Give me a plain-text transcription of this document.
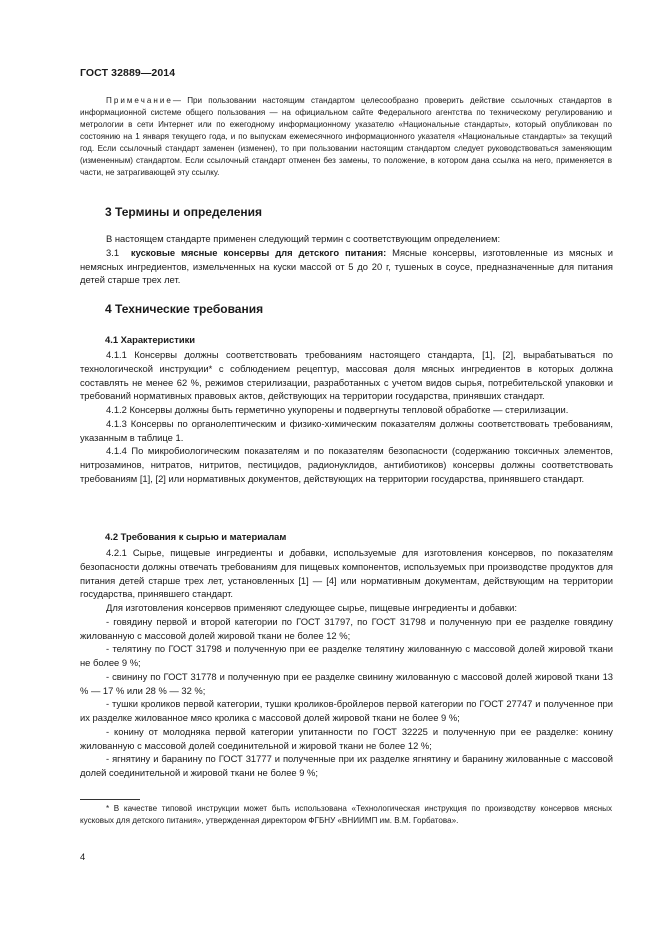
ГОСТ 32889—2014

Примечание— При пользовании настоящим стандартом целесообразно проверить действие ссылочных стандартов в информационной системе общего пользования — на официальном сайте Федерального агентства по техническому регулированию и метрологии в сети Интернет или по ежегодному информационному указателю «Национальные стандарты», который опубликован по состоянию на 1 января текущего года, и по выпускам ежемесячного информационного указателя «Национальные стандарты» за текущий год. Если ссылочный стандарт заменен (изменен), то при пользовании настоящим стандартом следует руководствоваться заменяющим (измененным) стандартом. Если ссылочный стандарт отменен без замены, то положение, в котором дана ссылка на него, применяется в части, не затрагивающей эту ссылку.

3 Термины и определения

В настоящем стандарте применен следующий термин с соответствующим определением:

3.1 кусковые мясные консервы для детского питания: Мясные консервы, изготовленные из мясных и немясных ингредиентов, измельченных на куски массой от 5 до 20 г, тушеных в соусе, предназначенные для питания детей старше трех лет.

4 Технические требования
4.1 Характеристики

4.1.1 Консервы должны соответствовать требованиям настоящего стандарта, [1], [2], вырабатываться по технологической инструкции* с соблюдением рецептур, массовая доля мясных ингредиентов в которых должна составлять не менее 62 %, режимов стерилизации, разработанных с учетом видов сырья, потребительской упаковки и требований нормативных правовых актов, действующих на территории государства, принявших стандарт.

4.1.2 Консервы должны быть герметично укупорены и подвергнуты тепловой обработке — стерилизации.

4.1.3 Консервы по органолептическим и физико-химическим показателям должны соответствовать требованиям, указанным в таблице 1.

4.1.4 По микробиологическим показателям и по показателям безопасности (содержанию токсичных элементов, нитрозаминов, нитратов, нитритов, пестицидов, радионуклидов, антибиотиков) консервы должны соответствовать требованиям [1], [2] или нормативных документов, действующих на территории государства, принявшего стандарт.

4.2 Требования к сырью и материалам

4.2.1 Сырье, пищевые ингредиенты и добавки, используемые для изготовления консервов, по показателям безопасности должны отвечать требованиям для пищевых компонентов, используемых при производстве продуктов для питания детей старше трех лет, установленных [1] — [4] или нормативным документам, действующим на территории государства, принявшего стандарт.

Для изготовления консервов применяют следующее сырье, пищевые ингредиенты и добавки:

- говядину первой и второй категории по ГОСТ 31797, по ГОСТ 31798 и полученную при ее разделке говядину жилованную с массовой долей жировой ткани не более 12 %;

- телятину по ГОСТ 31798 и полученную при ее разделке телятину жилованную с массовой долей жировой ткани не более 9 %;

- свинину по ГОСТ 31778 и полученную при ее разделке свинину жилованную с массовой долей жировой ткани 13 % — 17 % или 28 % — 32 %;

- тушки кроликов первой категории, тушки кроликов-бройлеров первой категории по ГОСТ 27747 и полученное при их разделке жилованное мясо кролика с массовой долей жировой ткани не более 9 %;

- конину от молодняка первой категории упитанности по ГОСТ 32225 и полученную при ее разделке: конину жилованную с массовой долей соединительной и жировой ткани не более 12 %;

- ягнятину и баранину по ГОСТ 31777 и полученные при их разделке ягнятину и баранину жилованные с массовой долей соединительной и жировой ткани не более 9 %;

* В качестве типовой инструкции может быть использована «Технологическая инструкция по производству консервов мясных кусковых для детского питания», утвержденная директором ФГБНУ «ВНИИМП им. В.М. Горбатова».

4
